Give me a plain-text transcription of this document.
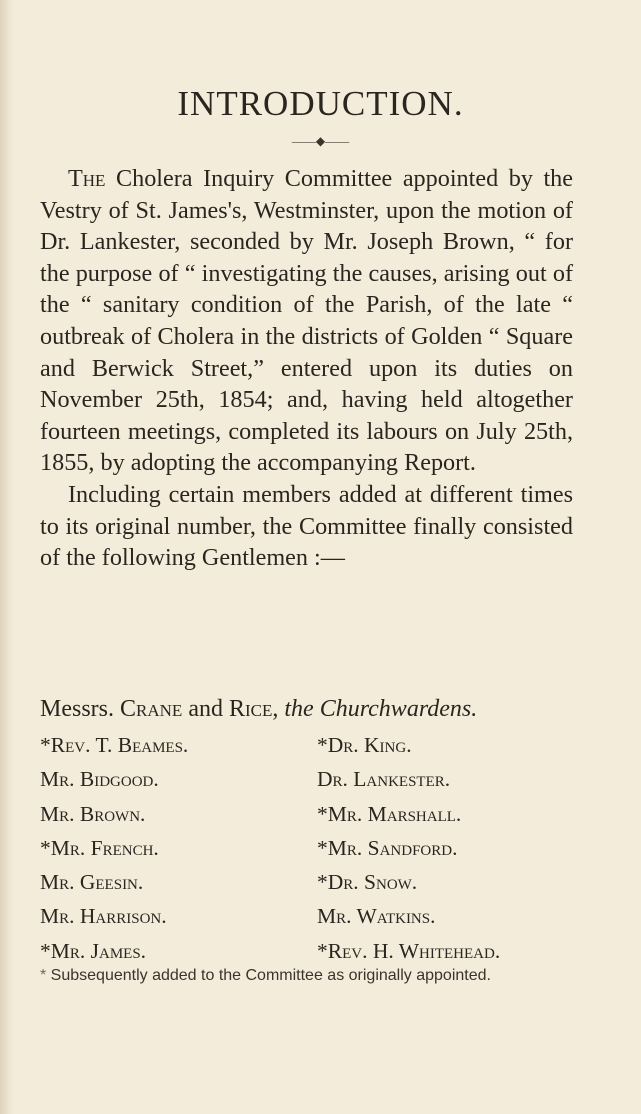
INTRODUCTION.
——◆——

The Cholera Inquiry Committee appointed by the Vestry of St. James's, Westminster, upon the motion of Dr. Lankester, seconded by Mr. Joseph Brown, “ for the purpose of “ investigating the causes, arising out of the “ sanitary condition of the Parish, of the late “ outbreak of Cholera in the districts of Golden “ Square and Berwick Street,” entered upon its duties on November 25th, 1854; and, having held altogether fourteen meetings, completed its labours on July 25th, 1855, by adopting the accompanying Report.

Including certain members added at different times to its original number, the Committee finally consisted of the following Gentlemen :—

Messrs. Crane and Rice, the Churchwardens.
*Rev. T. Beames.	*Dr. King.
Mr. Bidgood.	Dr. Lankester.
Mr. Brown.	*Mr. Marshall.
*Mr. French.	*Mr. Sandford.
Mr. Geesin.	*Dr. Snow.
Mr. Harrison.	Mr. Watkins.
*Mr. James.	*Rev. H. Whitehead.
* Subsequently added to the Committee as originally appointed.
